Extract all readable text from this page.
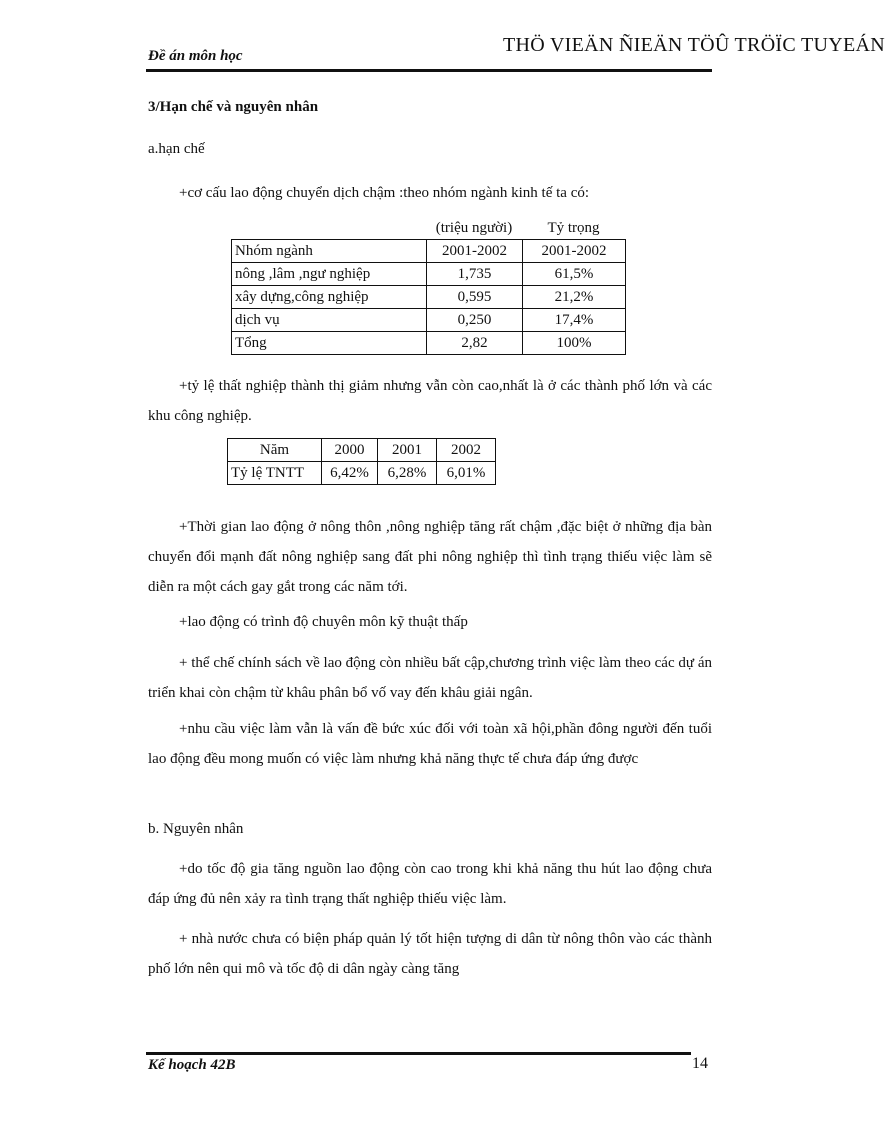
Đề án môn học	THÖ VIEÄN ÑIEÄN TÖÛ TRÖÏC TUYEÁN
3/Hạn chế và nguyên nhân
a.hạn chế
+cơ cấu lao động chuyển dịch chậm :theo nhóm ngành kinh tế ta có:
(triệu người)	Tỷ trọng
Nhóm ngành	2001-2002	2001-2002
nông ,lâm ,ngư nghiệp	1,735	61,5%
xây dựng,công nghiệp	0,595	21,2%
dịch vụ	0,250	17,4%
Tổng	2,82	100%
+tỷ lệ thất nghiệp thành thị giảm nhưng vẫn còn cao,nhất là ở các thành phố lớn và các khu công nghiệp.
Năm	2000	2001	2002
Tỷ lệ TNTT	6,42%	6,28%	6,01%
+Thời gian lao động ở nông thôn ,nông nghiệp tăng rất chậm ,đặc biệt ở những địa bàn chuyển đổi mạnh đất nông nghiệp sang đất phi nông nghiệp thì tình trạng thiếu việc làm sẽ diễn ra một cách gay gắt trong các năm tới.
+lao động có trình độ chuyên môn kỹ thuật thấp
+ thể chế chính sách về lao động còn nhiều bất cập,chương trình việc làm theo các dự án triển khai còn chậm từ khâu phân bổ vố vay đến khâu giải ngân.
+nhu cầu việc làm vẫn là vấn đề bức xúc đối với toàn xã hội,phần đông người đến tuổi lao động đều mong muốn có việc làm nhưng khả năng thực tế chưa đáp ứng được
b. Nguyên nhân
+do tốc độ gia tăng nguồn lao động còn cao trong khi khả năng thu hút lao động chưa đáp ứng đủ nên xảy ra tình trạng thất nghiệp thiếu việc làm.
+ nhà nước chưa có biện pháp quản lý tốt hiện tượng di dân từ nông thôn vào các thành phố lớn nên qui mô và tốc độ di dân ngày càng tăng
Kế hoạch 42B	14
